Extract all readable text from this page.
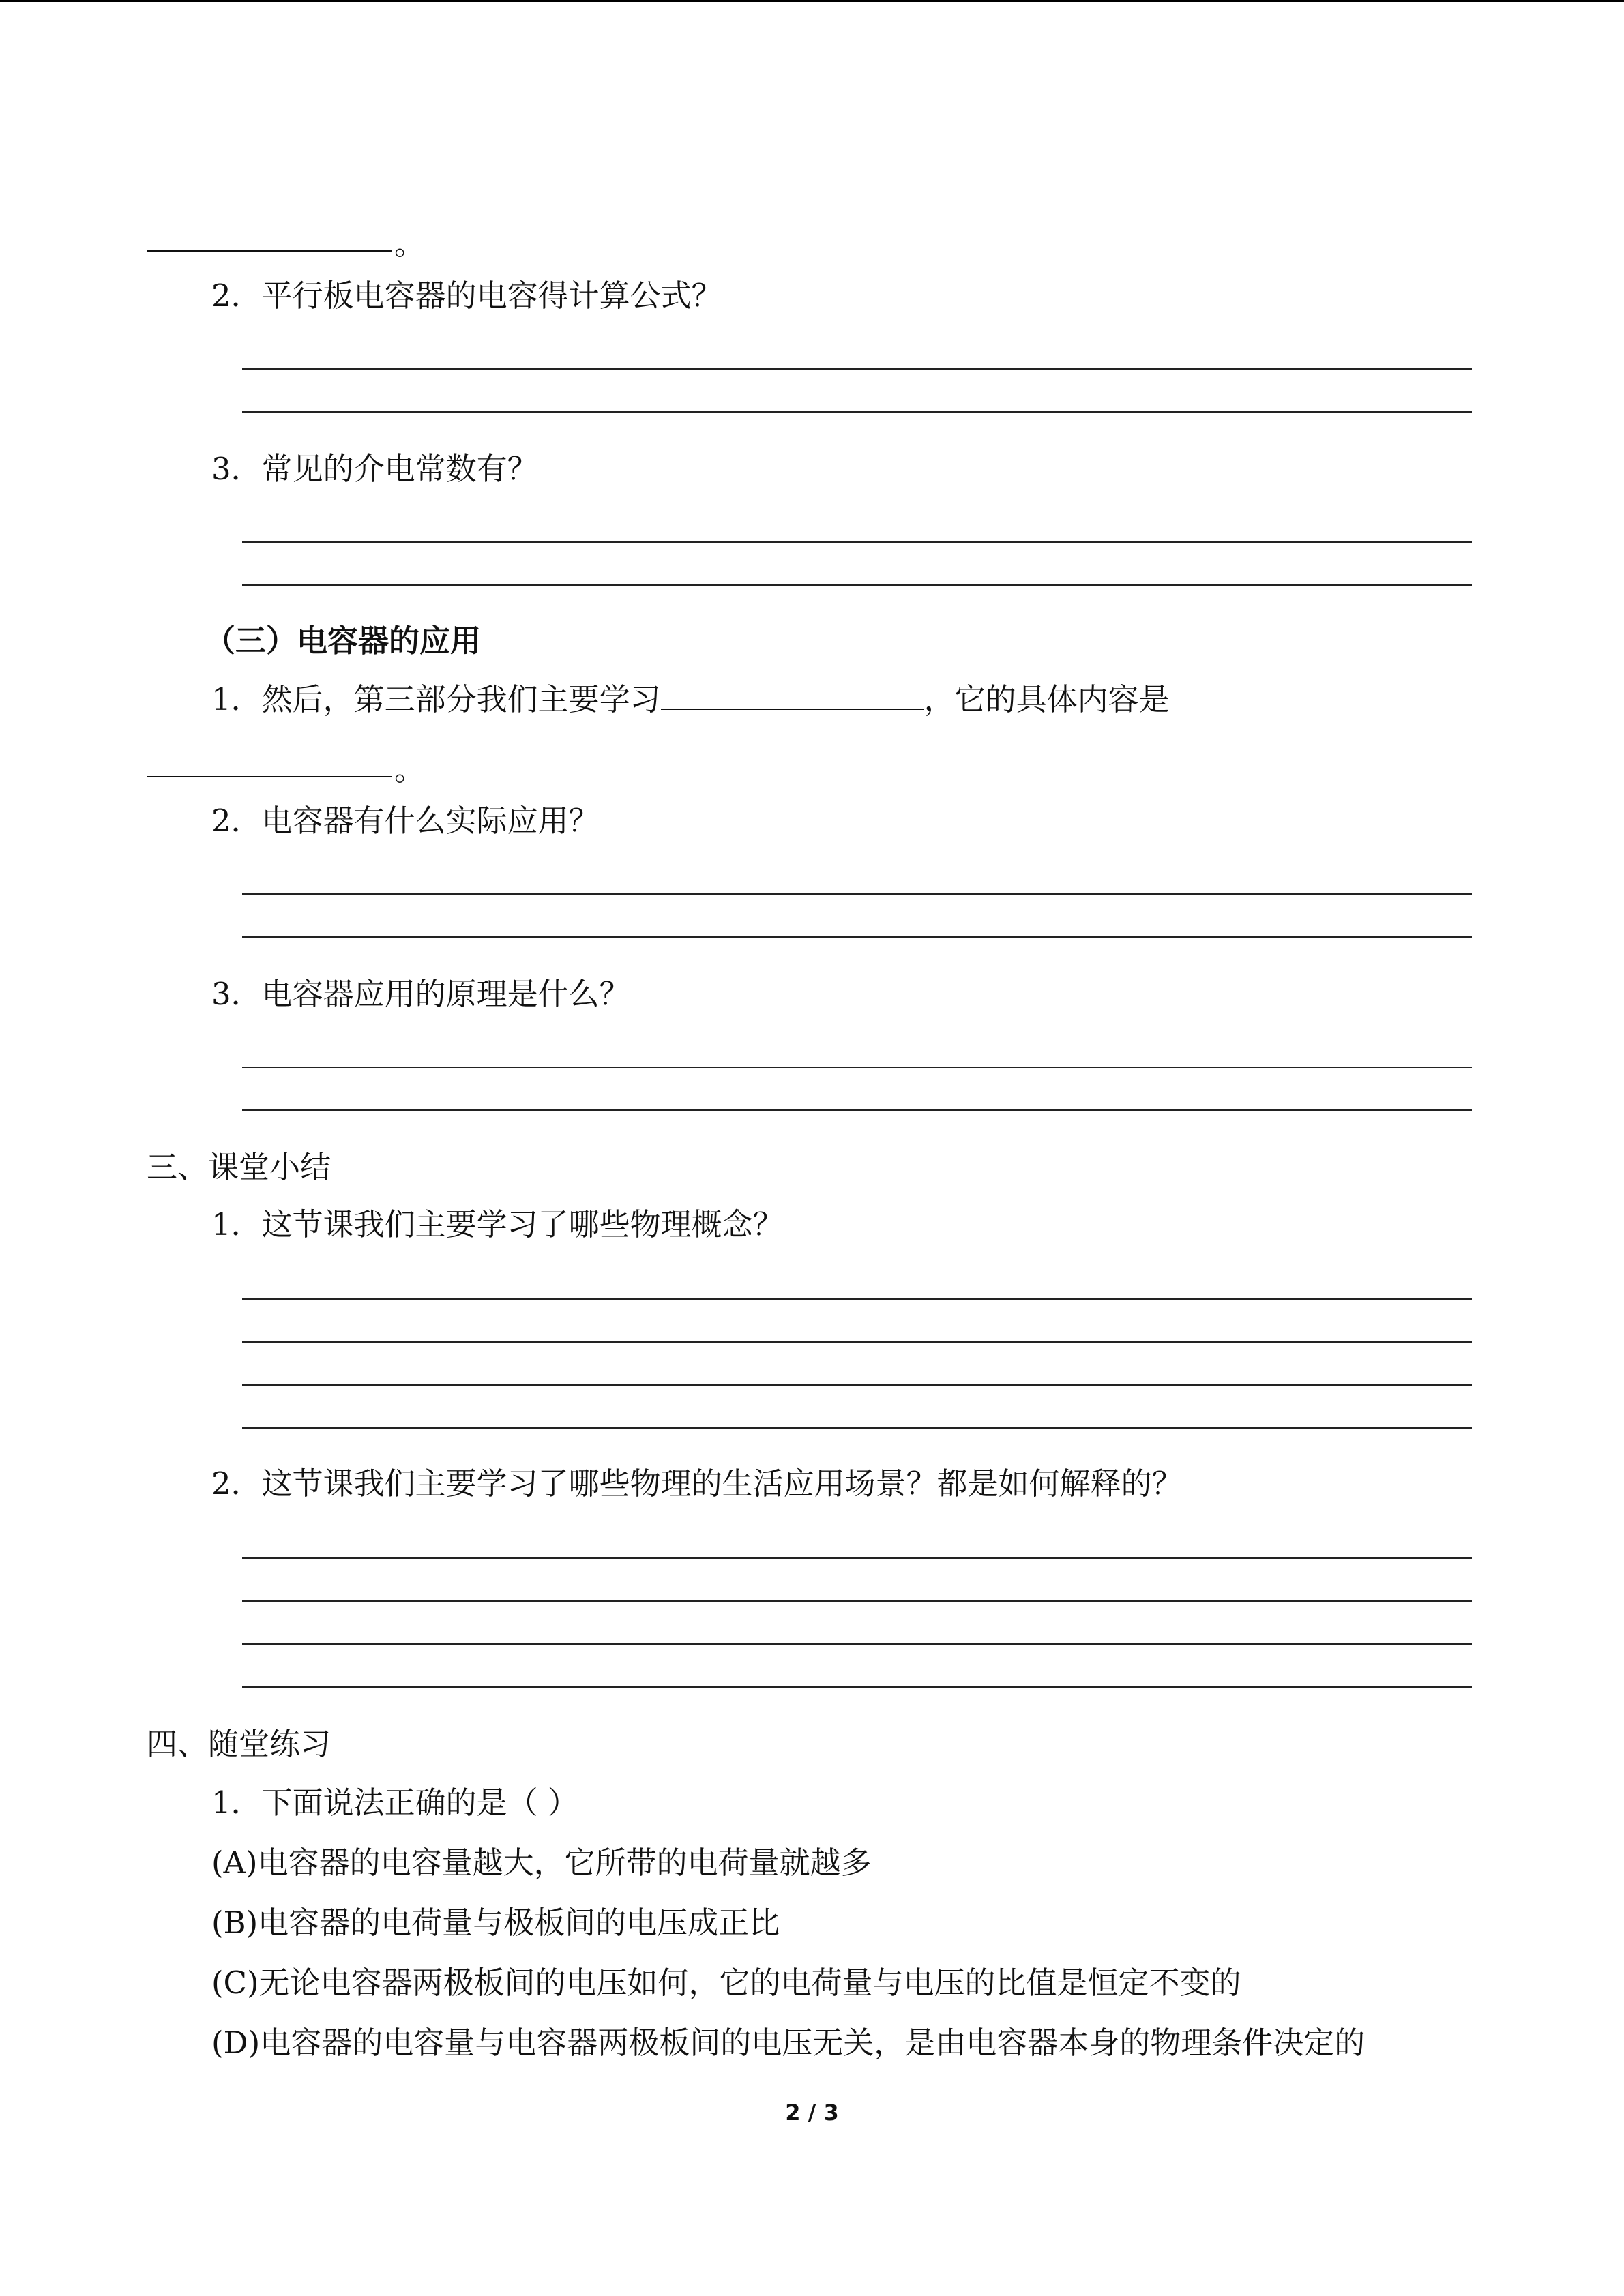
。
2．平行板电容器的电容得计算公式？
3．常见的介电常数有？
（三）电容器的应用
1．然后，第三部分我们主要学习	，它的具体内容是
。
2．电容器有什么实际应用？
3．电容器应用的原理是什么？
三、课堂小结
1．这节课我们主要学习了哪些物理概念？
2．这节课我们主要学习了哪些物理的生活应用场景？都是如何解释的？
四、随堂练习
1．下面说法正确的是（ ）
(A)电容器的电容量越大，它所带的电荷量就越多
(B)电容器的电荷量与极板间的电压成正比
(C)无论电容器两极板间的电压如何，它的电荷量与电压的比值是恒定不变的
(D)电容器的电容量与电容器两极板间的电压无关，是由电容器本身的物理条件决定的
2 / 3
